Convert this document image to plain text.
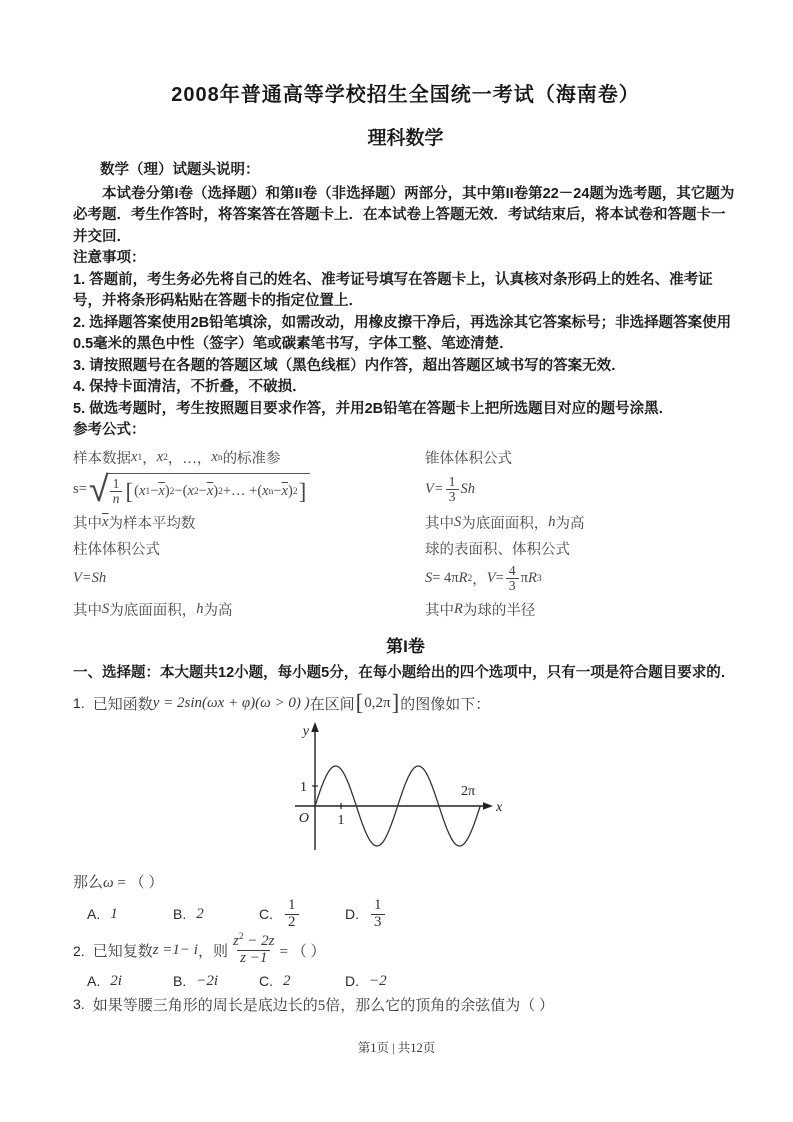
2008年普通高等学校招生全国统一考试（海南卷）
理科数学

数学（理）试题头说明：

本试卷分第I卷（选择题）和第II卷（非选择题）两部分，其中第II卷第22－24题为选考题，其它题为必考题．考生作答时，将答案答在答题卡上．在本试卷上答题无效．考试结束后，将本试卷和答题卡一并交回．

注意事项：

1. 答题前，考生务必先将自己的姓名、准考证号填写在答题卡上，认真核对条形码上的姓名、准考证号，并将条形码粘贴在答题卡的指定位置上．

2. 选择题答案使用2B铅笔填涂，如需改动，用橡皮擦干净后，再选涂其它答案标号；非选择题答案使用0.5毫米的黑色中性（签字）笔或碳素笔书写，字体工整、笔迹清楚．

3. 请按照题号在各题的答题区域（黑色线框）内作答，超出答题区域书写的答案无效．

4. 保持卡面清洁，不折叠，不破损．

5. 做选考题时，考生按照题目要求作答，并用2B铅笔在答题卡上把所选题目对应的题号涂黑．

参考公式：

样本数据 x 1 ， x 2 ，…， x n 的标准参	锥体体积公式
s= √ $\frac{1}{n}$ [ ( x $1 - \overline{x}$ ) 2 − ( x $2 - \overline{x}$ ) 2 +… + ( x $n - \overline{x}$ ) 2 ]	$V= \frac{1}{3}$ Sh
其中 $\overline{x}$ 为样本平均数	其中 S 为底面面积， h 为高
柱体体积公式	球的表面积、体积公式
V= Sh	S = 4π R 2 ， $V = \frac{4}{3}$ π R 3
其中 S 为底面面积， h 为高	其中 R 为球的半径
第I卷

一、选择题：本大题共12小题，每小题5分，在每小题给出的四个选项中，只有一项是符合题目要求的．

1. 已知函数 y = 2sin(ωx + φ)(ω > 0) ) 在区间 [ 0,2π ] 的图像如下：
y
x
O 1
1	2π

那么ω = （ ）

A. 1	B. 2	C. $\frac{1}{2}$	D. $\frac{1}{3}$
2. 已知复数 z =1− i ，则 $\frac{z^2 - 2z}{z -1}$ = （ ）
A. 2i	B. −2i	C. 2	D. −2
3. 如果等腰三角形的周长是底边长的5倍，那么它的顶角的余弦值为（ ）
第1页 | 共12页
